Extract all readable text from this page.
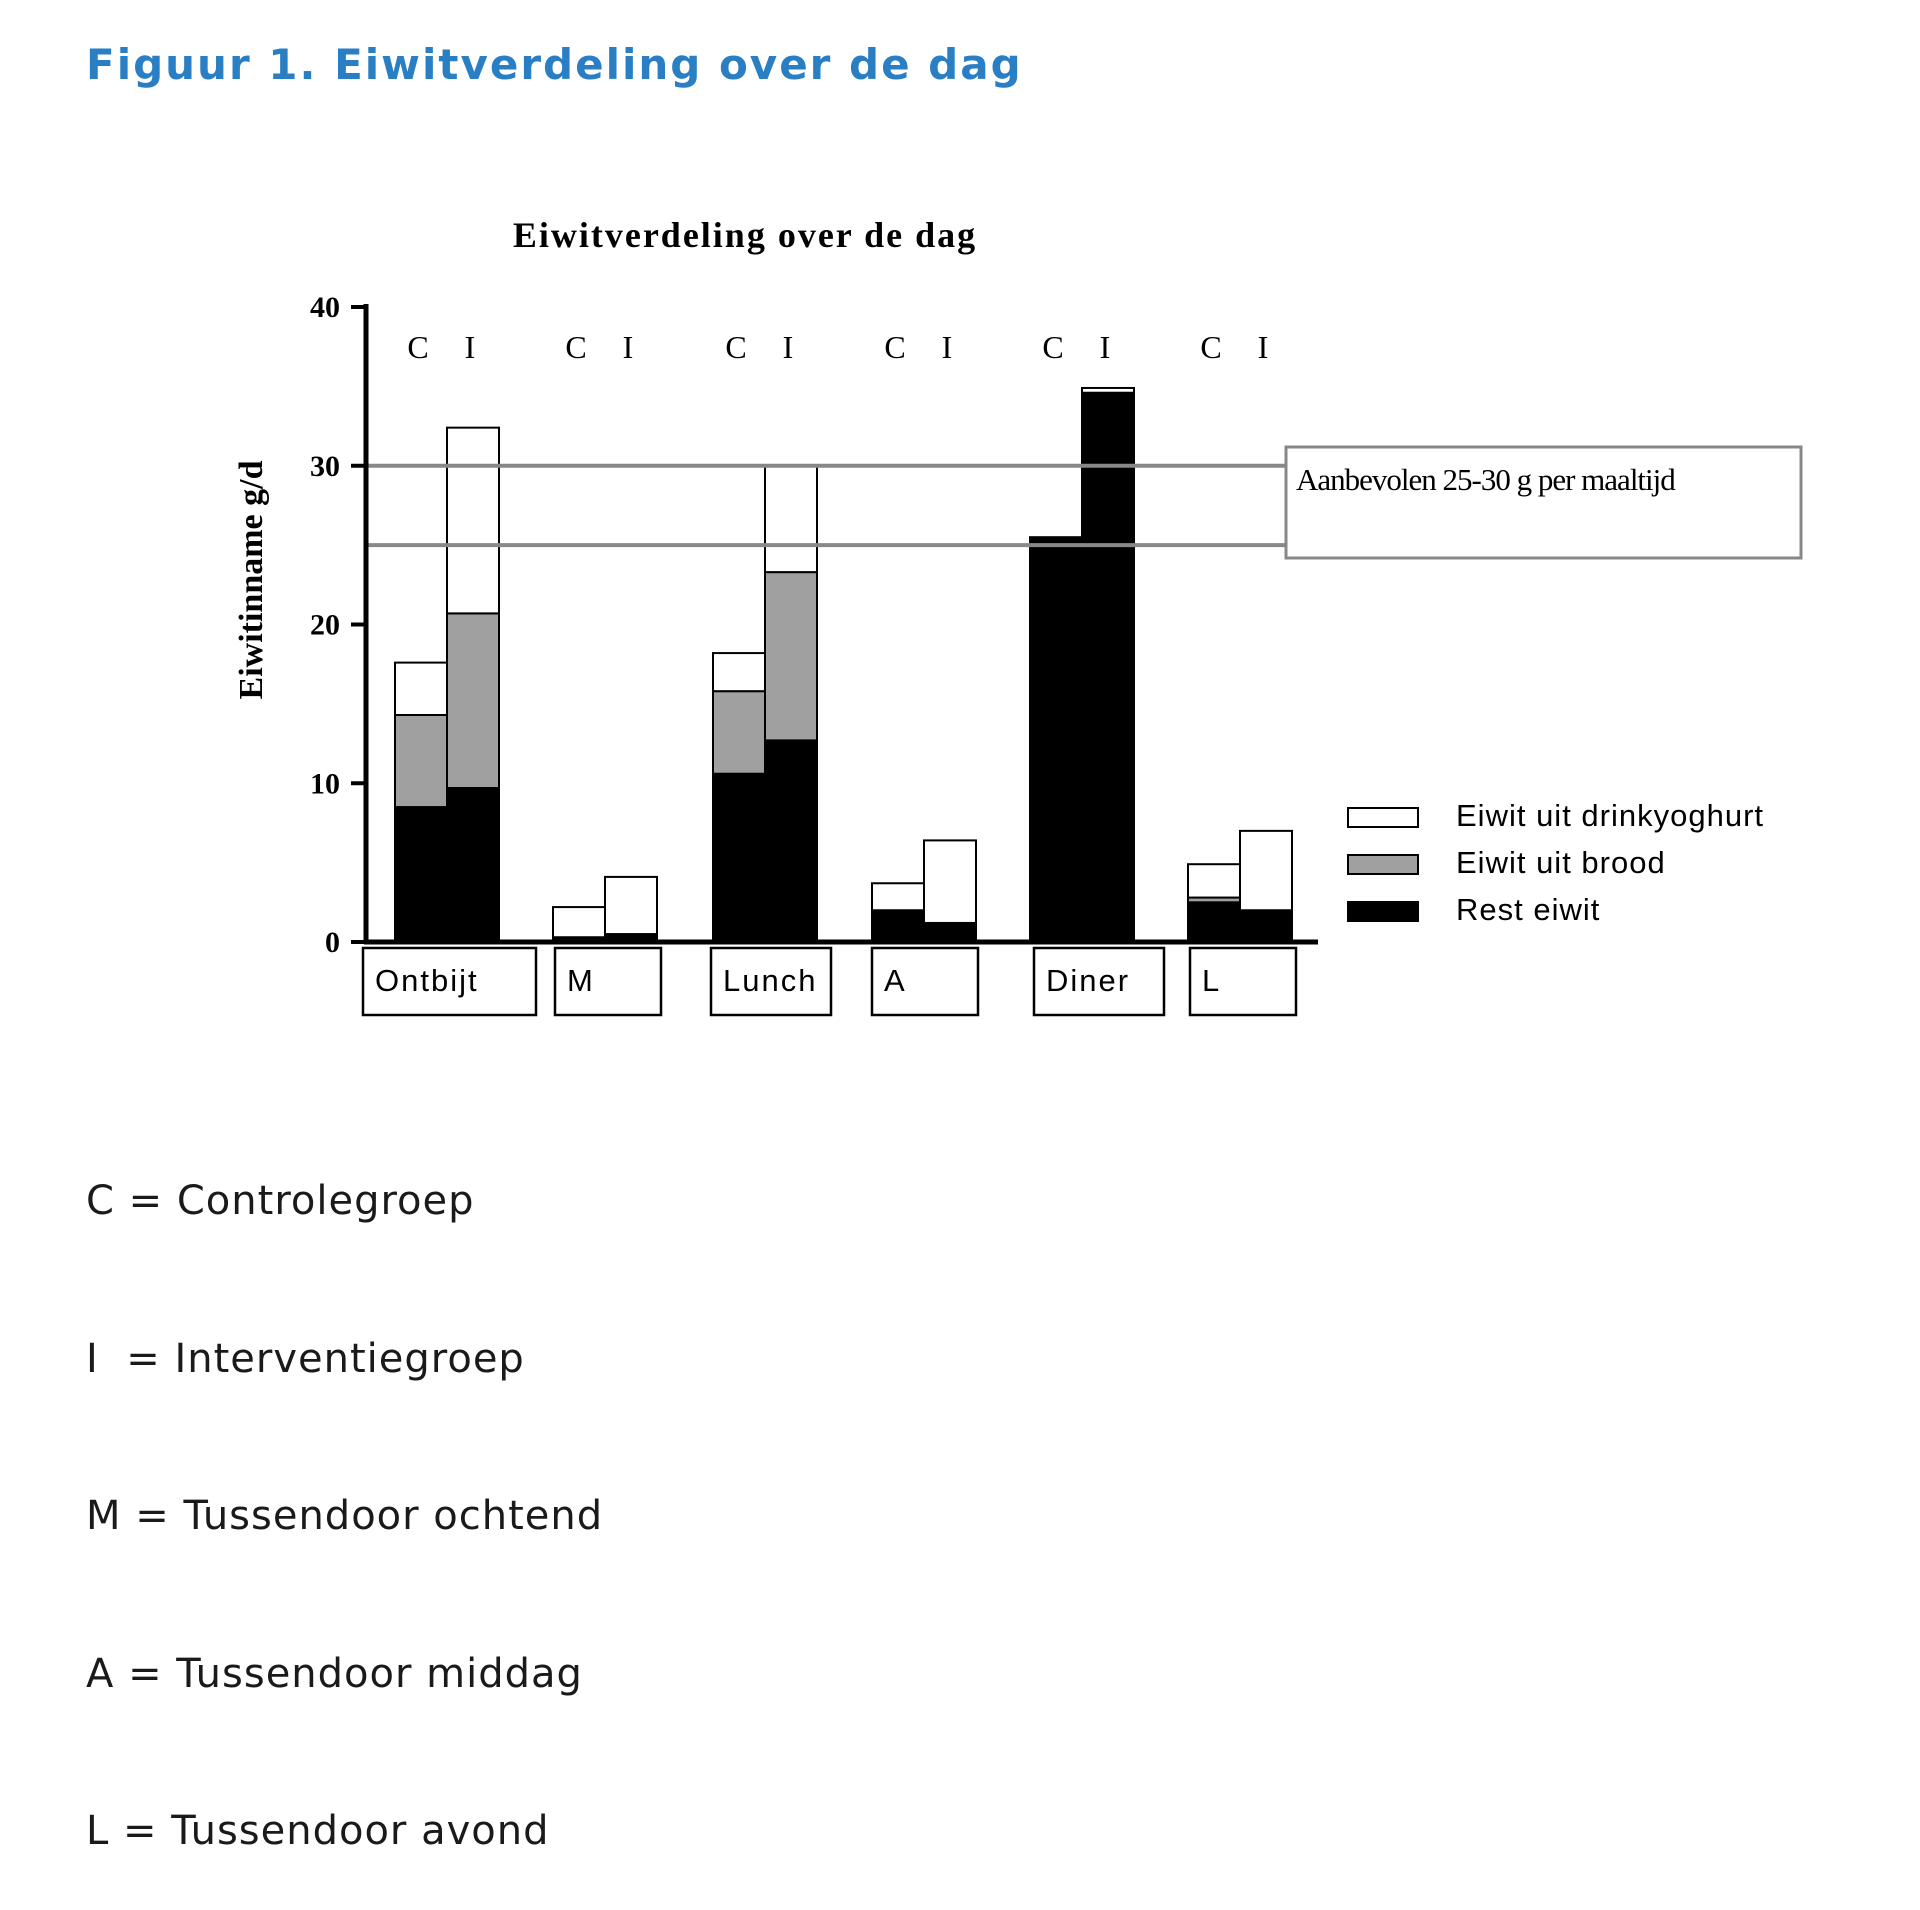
Figuur 1. Eiwitverdeling over de dag
Eiwitverdeling over de dag
Eiwitinname g/d
0
10
20
30
40
C I	C I	C I	C I	C I	C I
Aanbevolen 25-30 g per maaltijd
Ontbijt	M	Lunch A	Diner L
Eiwit uit drinkyoghurt
Eiwit uit brood
Rest eiwit

C = Controlegroep

I  = Interventiegroep

M = Tussendoor ochtend

A = Tussendoor middag

L = Tussendoor avond
